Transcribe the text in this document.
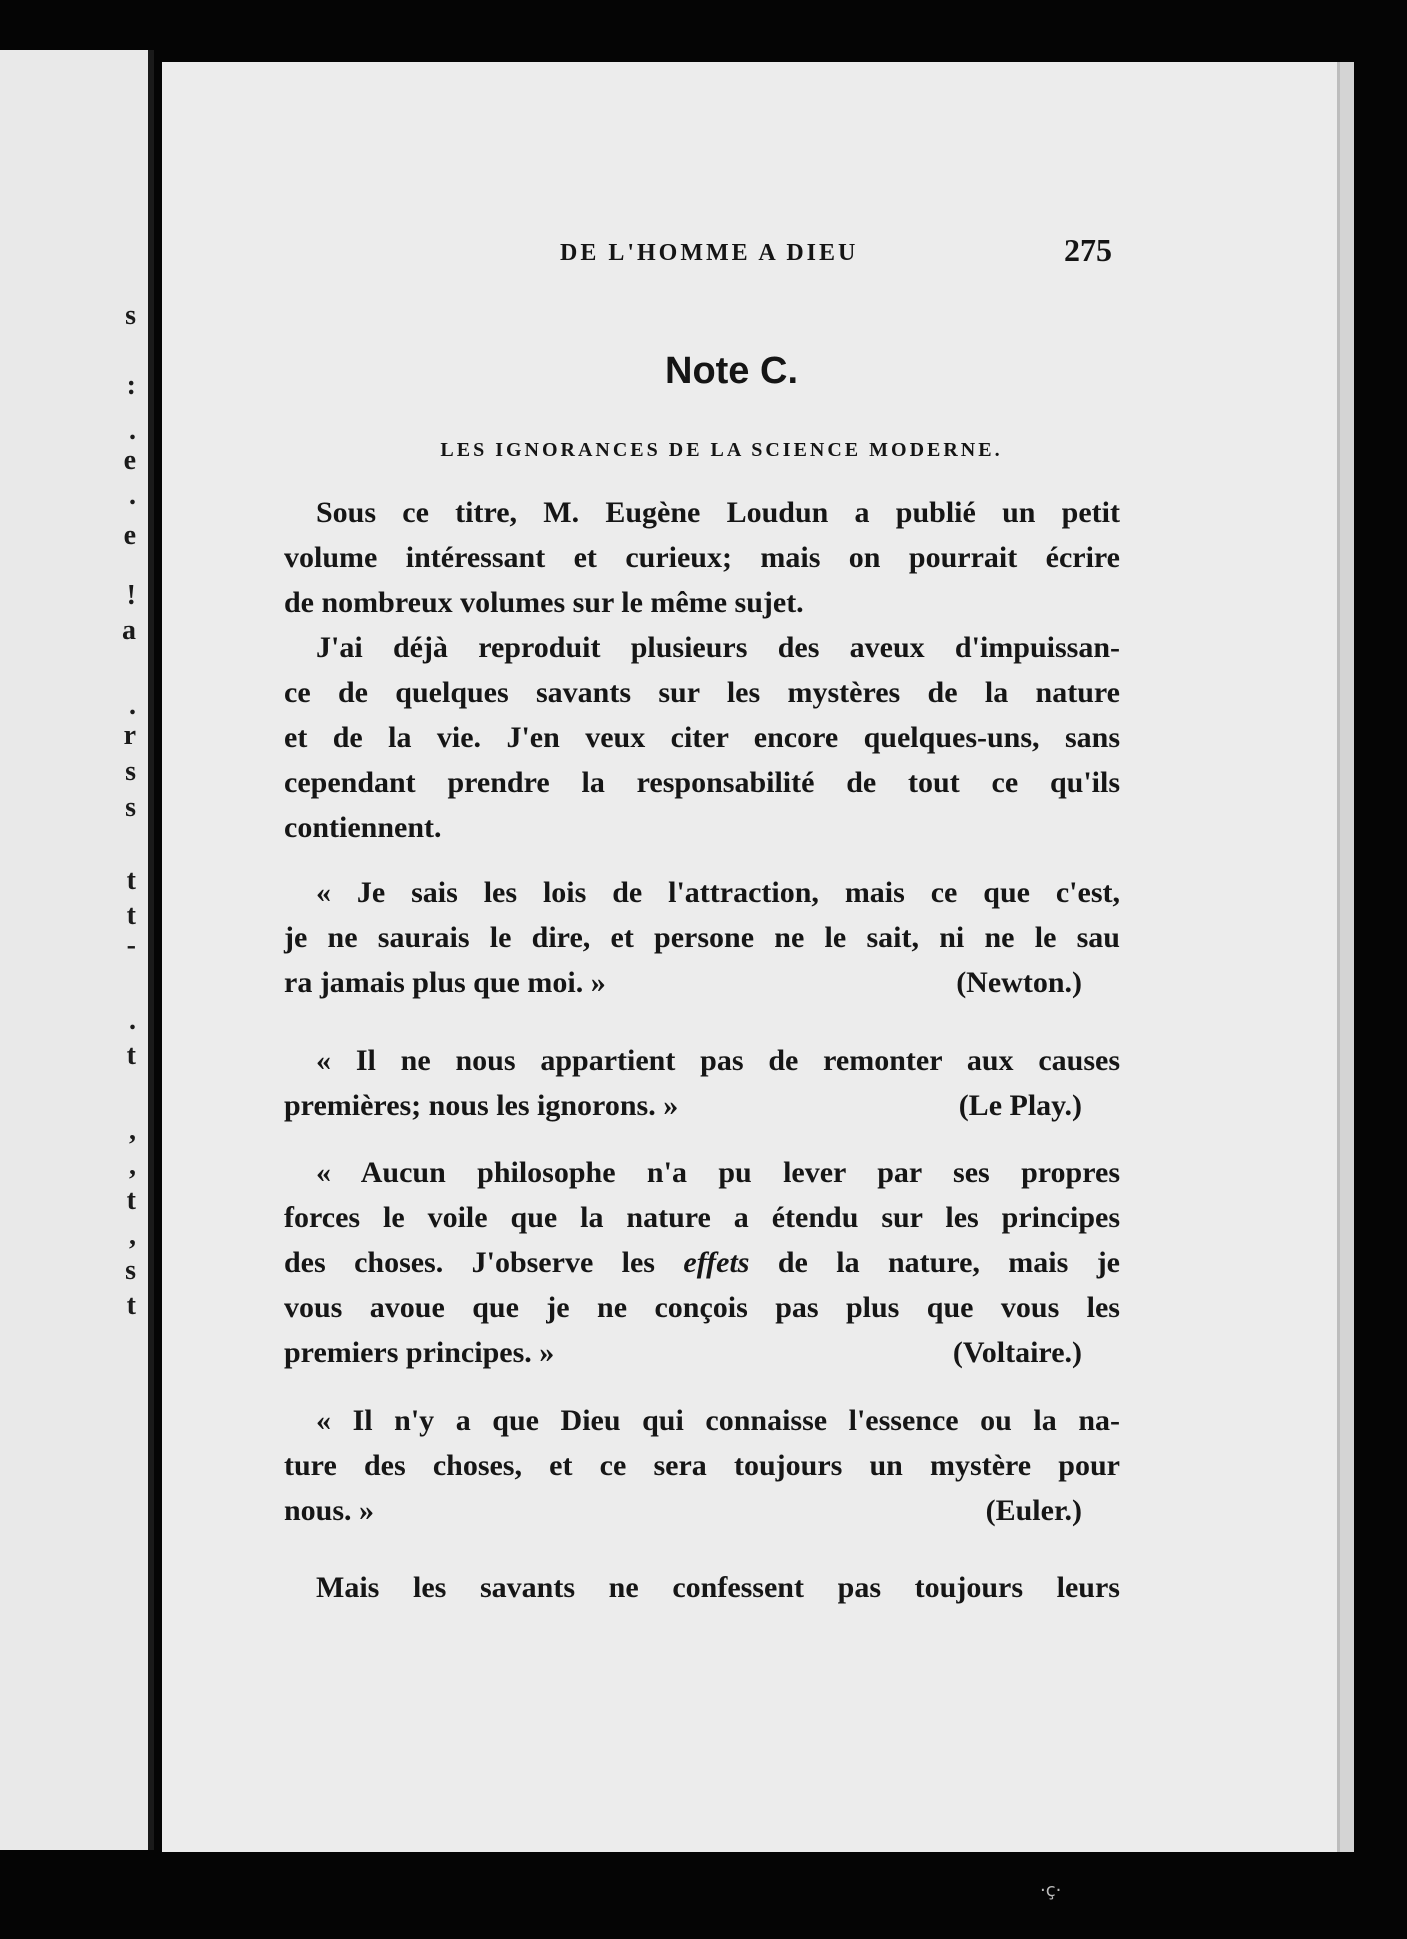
s
:
.
e
.
e
!
a
.
r
s
s
t
t
-
.
t
,
,
t
,
s
t
DE L'HOMME A DIEU	275
Note C.
LES IGNORANCES DE LA SCIENCE MODERNE.
Sous ce titre, M. Eugène Loudun a publié un petit
volume intéressant et curieux; mais on pourrait écrire
de nombreux volumes sur le même sujet.
J'ai déjà reproduit plusieurs des aveux d'impuissan-
ce de quelques savants sur les mystères de la nature
et de la vie. J'en veux citer encore quelques-uns, sans
cependant prendre la responsabilité de tout ce qu'ils
contiennent.
« Je sais les lois de l'attraction, mais ce que c'est,
je ne saurais le dire, et persone ne le sait, ni ne le sau
ra jamais plus que moi. »	(Newton.)
« Il ne nous appartient pas de remonter aux causes
premières; nous les ignorons. »	(Le Play.)
« Aucun philosophe n'a pu lever par ses propres
forces le voile que la nature a étendu sur les principes
des choses. J'observe les effets de la nature, mais je
vous avoue que je ne conçois pas plus que vous les
premiers principes. »	(Voltaire.)
« Il n'y a que Dieu qui connaisse l'essence ou la na-
ture des choses, et ce sera toujours un mystère pour
nous. »	(Euler.)
Mais les savants ne confessent pas toujours leurs
·ç·
